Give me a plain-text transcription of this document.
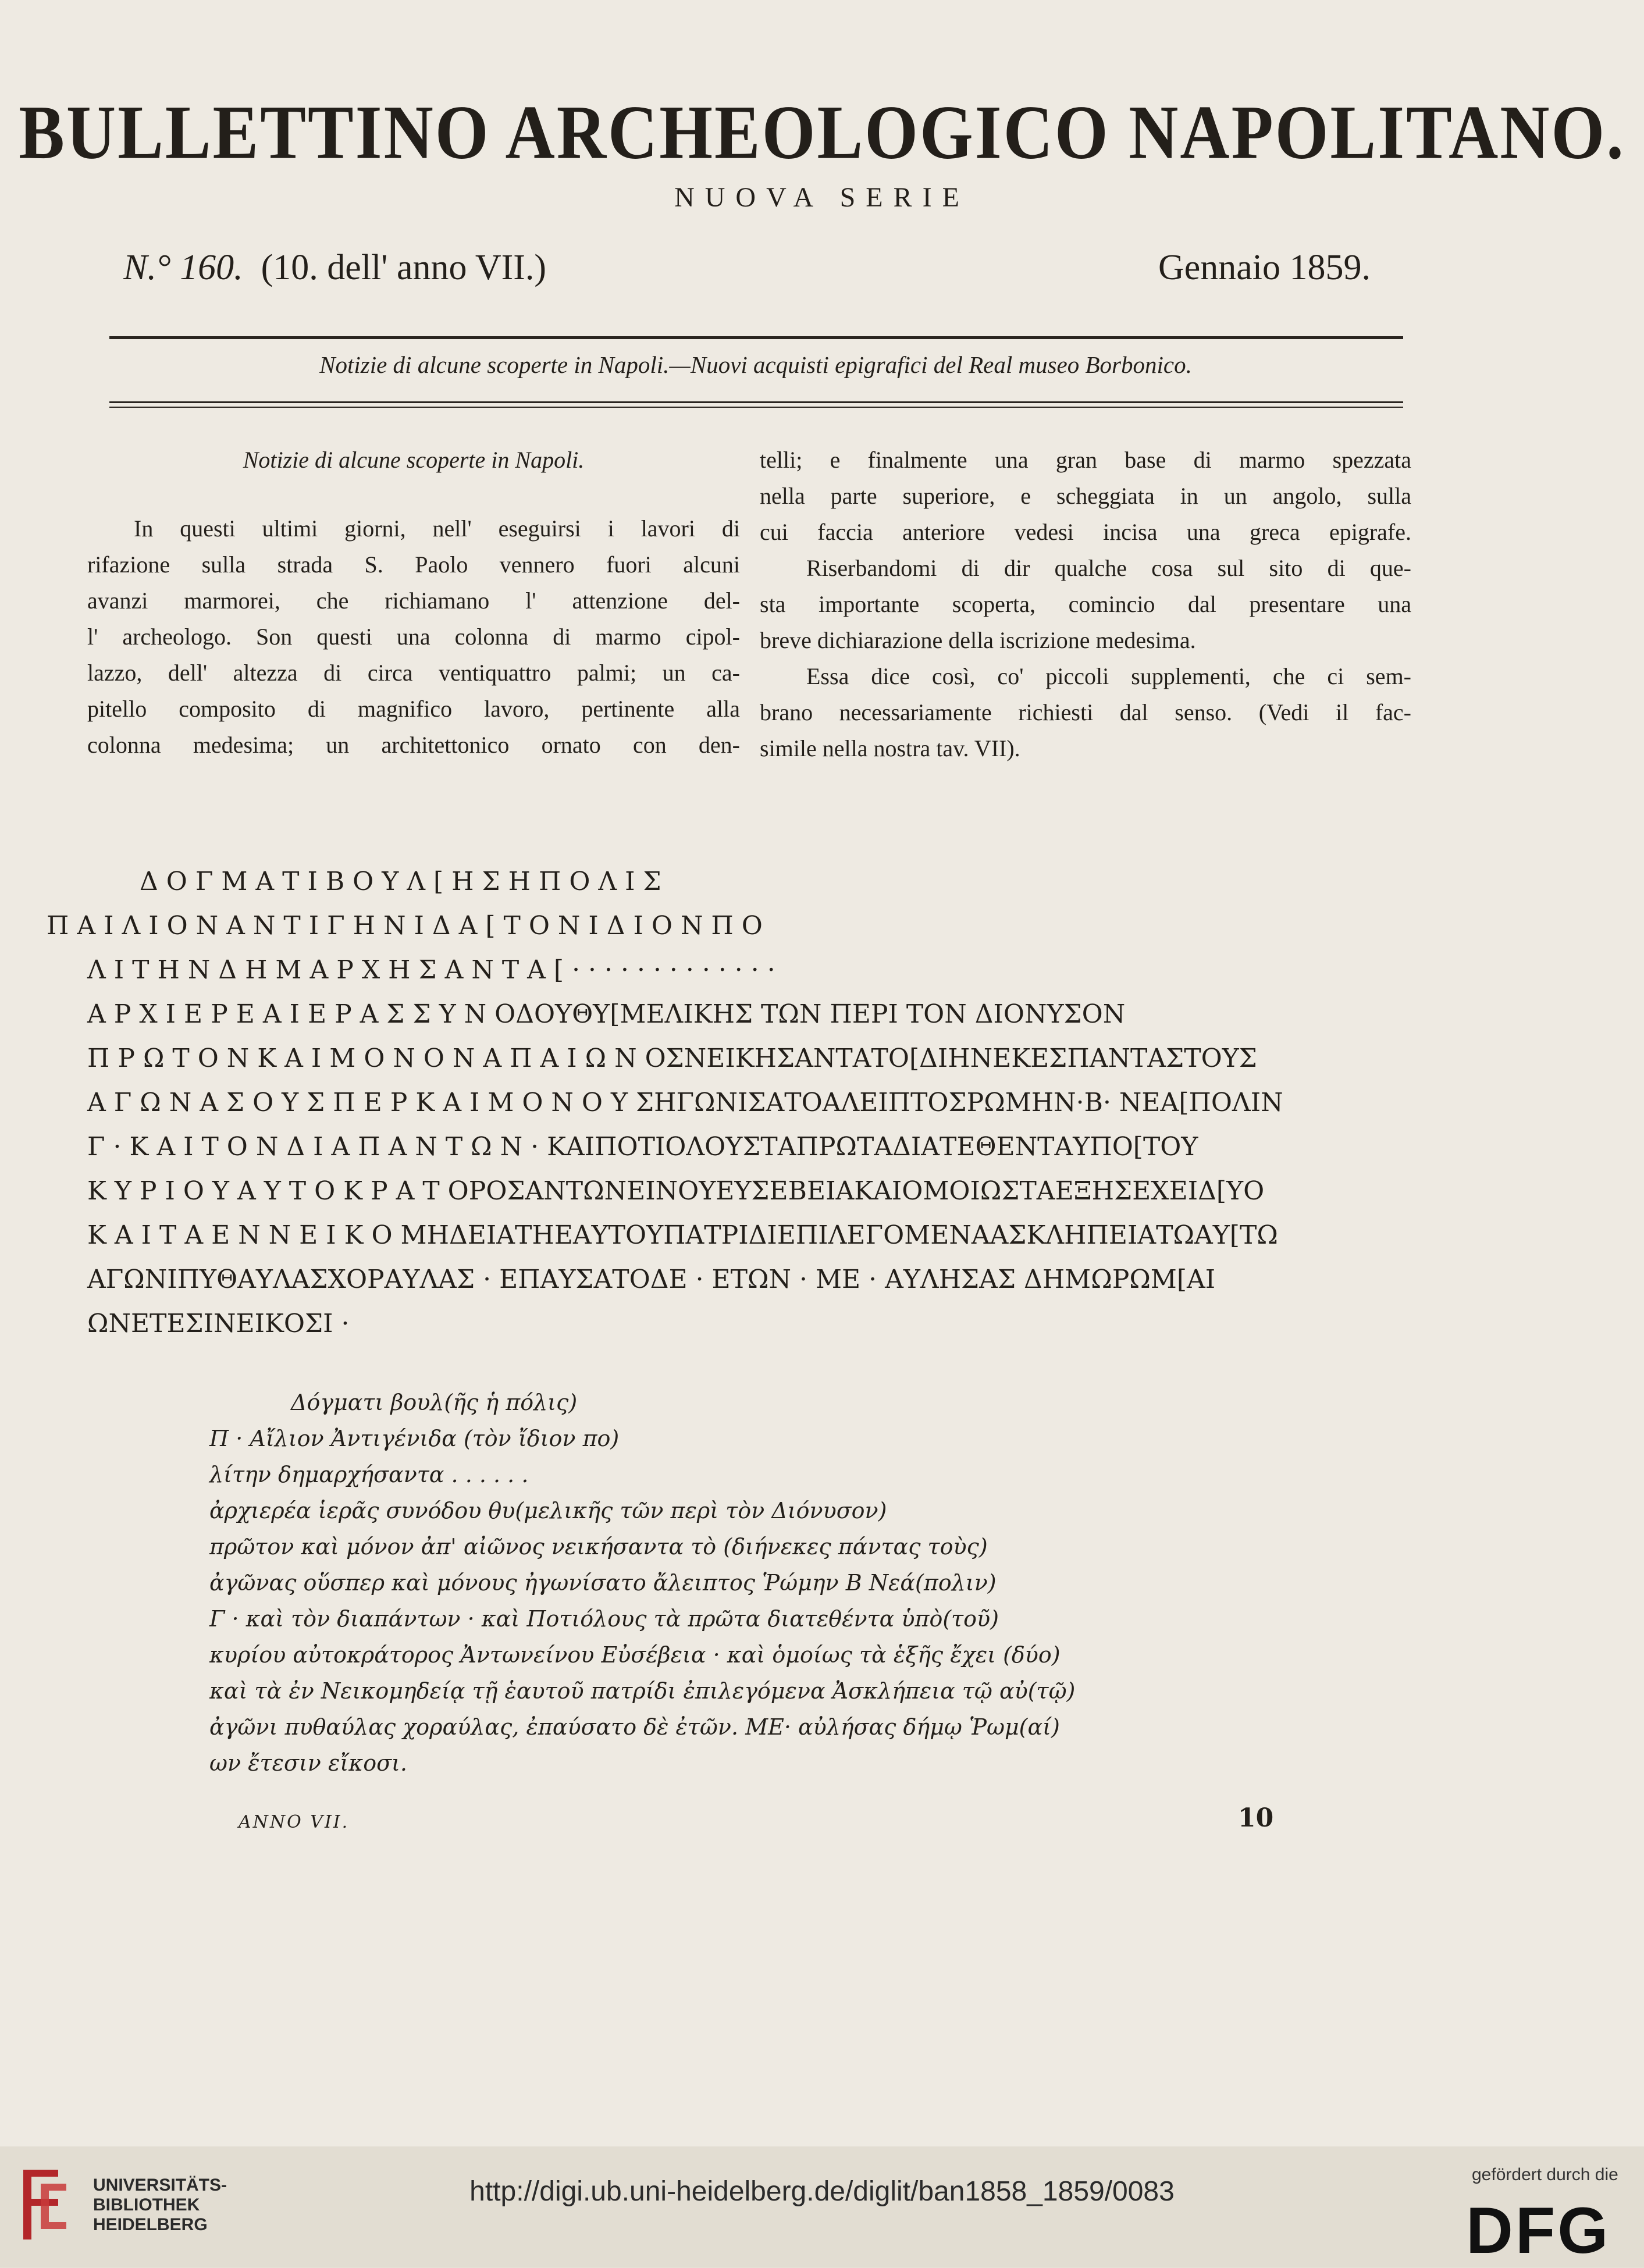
BULLETTINO ARCHEOLOGICO NAPOLITANO.
NUOVA SERIE
N.° 160. (10. dell' anno VII.)	Gennaio 1859.
Notizie di alcune scoperte in Napoli.—Nuovi acquisti epigrafici del Real museo Borbonico.

Notizie di alcune scoperte in Napoli.

In questi ultimi giorni, nell' eseguirsi i lavori di

rifazione sulla strada S. Paolo vennero fuori alcuni

avanzi marmorei, che richiamano l' attenzione del-

l' archeologo. Son questi una colonna di marmo cipol-

lazzo, dell' altezza di circa ventiquattro palmi; un ca-

pitello composito di magnifico lavoro, pertinente alla

colonna medesima; un architettonico ornato con den-

telli; e finalmente una gran base di marmo spezzata

nella parte superiore, e scheggiata in un angolo, sulla

cui faccia anteriore vedesi incisa una greca epigrafe.

Riserbandomi di dir qualche cosa sul sito di que-

sta importante scoperta, comincio dal presentare una

breve dichiarazione della iscrizione medesima.

Essa dice così, co' piccoli supplementi, che ci sem-

brano necessariamente richiesti dal senso. (Vedi il fac-

simile nella nostra tav. VII).

Δ Ο Γ Μ Α Τ Ι Β Ο Υ Λ [ Η Σ Η Π Ο Λ Ι Σ
Π Α Ι Λ Ι Ο Ν Α Ν Τ Ι Γ Η Ν Ι Δ Α [ Τ Ο Ν Ι Δ Ι Ο Ν Π Ο
Λ Ι Τ Η Ν Δ Η Μ Α Ρ Χ Η Σ Α Ν Τ Α [ · · · · · · · · · · · · ·
Α Ρ Χ Ι Ε Ρ Ε Α Ι Ε Ρ Α Σ Σ Υ Ν ΟΔΟΥΘΥ[ΜΕΛΙΚΗΣ ΤΩΝ ΠΕΡΙ ΤΟΝ ΔΙΟΝΥΣΟΝ
Π Ρ Ω Τ Ο Ν Κ Α Ι Μ Ο Ν Ο Ν Α Π Α Ι Ω Ν ΟΣΝΕΙΚΗΣΑΝΤΑΤΟ[ΔΙΗΝΕΚΕΣΠΑΝΤΑΣΤΟΥΣ
Α Γ Ω Ν Α Σ Ο Υ Σ Π Ε Ρ Κ Α Ι Μ Ο Ν Ο Υ ΣΗΓΩΝΙΣΑΤΟΑΛΕΙΠΤΟΣΡΩΜΗΝ·Β· ΝΕΑ[ΠΟΛΙΝ
Γ · Κ Α Ι Τ Ο Ν Δ Ι Α Π Α Ν Τ Ω Ν · ΚΑΙΠΟΤΙΟΛΟΥΣΤΑΠΡΩΤΑΔΙΑΤΕΘΕΝΤΑΥΠΟ[ΤΟΥ
Κ Υ Ρ Ι Ο Υ Α Υ Τ Ο Κ Ρ Α Τ ΟΡΟΣΑΝΤΩΝΕΙΝΟΥΕΥΣΕΒΕΙΑΚΑΙΟΜΟΙΩΣΤΑΕΞΗΣΕΧΕΙΔ[ΥΟ
Κ Α Ι Τ Α Ε Ν Ν Ε Ι Κ Ο ΜΗΔΕΙΑΤΗΕΑΥΤΟΥΠΑΤΡΙΔΙΕΠΙΛΕΓΟΜΕΝΑΑΣΚΛΗΠΕΙΑΤΩΑΥ[ΤΩ
ΑΓΩΝΙΠΥΘΑΥΛΑΣΧΟΡΑΥΛΑΣ · ΕΠΑΥΣΑΤΟΔΕ · ΕΤΩΝ · ΜΕ · ΑΥΛΗΣΑΣ ΔΗΜΩΡΩΜ[ΑΙ
ΩΝΕΤΕΣΙΝΕΙΚΟΣΙ ·
Δόγματι βουλ(ῆς ἡ πόλις)
Π · Αἴλιον Ἀντιγένιδα (τὸν ἴδιον πο)
λίτην δημαρχήσαντα . . . . . .
ἀρχιερέα ἱερᾶς συνόδου θυ(μελικῆς τῶν περὶ τὸν Διόνυσον)
πρῶτον καὶ μόνον ἀπ' αἰῶνος νεικήσαντα τὸ (διήνεκες πάντας τοὺς)
ἀγῶνας οὕσπερ καὶ μόνους ἠγωνίσατο ἄλειπτος Ῥώμην Β Νεά(πολιν)
Γ · καὶ τὸν διαπάντων · καὶ Ποτιόλους τὰ πρῶτα διατεθέντα ὑπὸ(τοῦ)
κυρίου αὐτοκράτορος Ἀντωνείνου Εὐσέβεια · καὶ ὁμοίως τὰ ἑξῆς ἔχει (δύο)
καὶ τὰ ἐν Νεικομηδείᾳ τῇ ἑαυτοῦ πατρίδι ἐπιλεγόμενα Ἀσκλήπεια τῷ αὐ(τῷ)
ἀγῶνι πυθαύλας χοραύλας, ἐπαύσατο δὲ ἐτῶν. ΜΕ· αὐλήσας δήμῳ Ῥωμ(αί)
ων ἔτεσιν εἴκοσι.
ANNO VII.	10
UNIVERSITÄTS-
BIBLIOTHEK
HEIDELBERG
http://digi.ub.uni-heidelberg.de/diglit/ban1858_1859/0083
gefördert durch die
DFG
